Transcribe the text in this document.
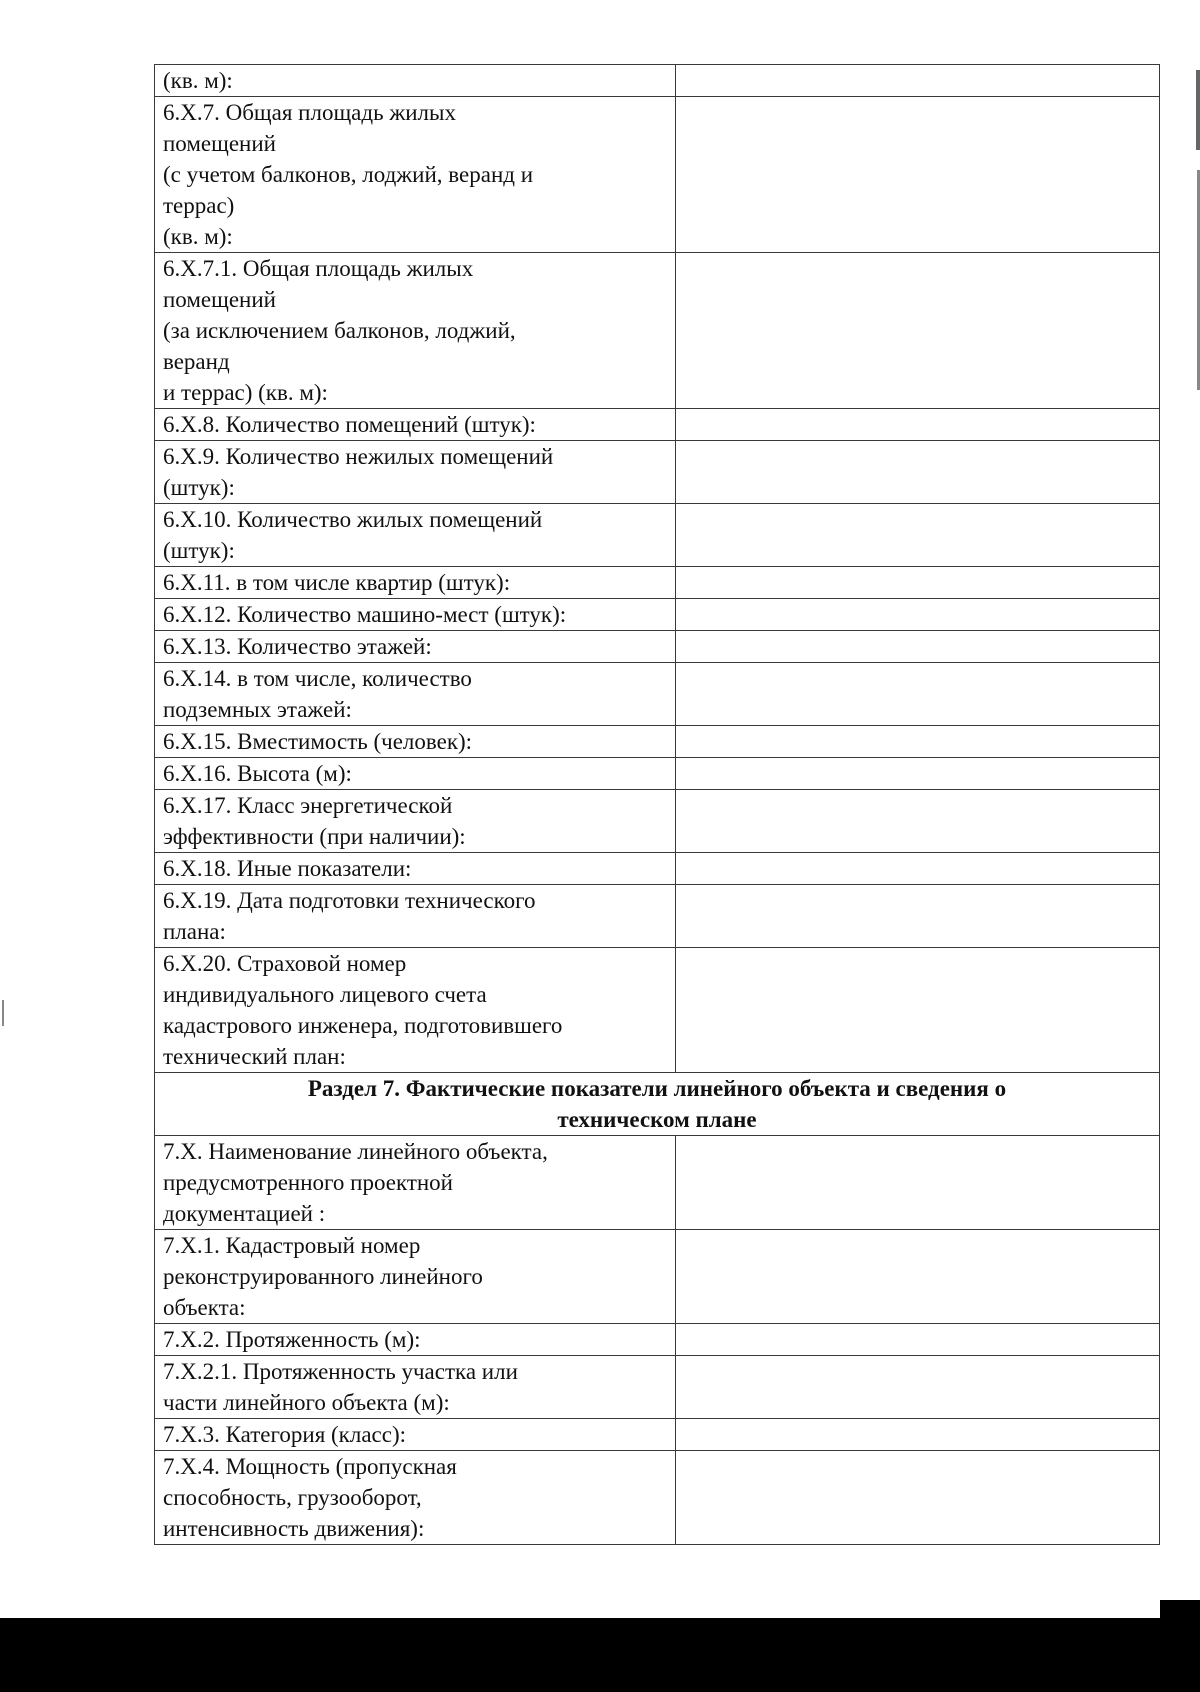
(кв. м):	
6.X.7. Общая площадь жилых
помещений
(с учетом балконов, лоджий, веранд и
террас)
(кв. м):	
6.X.7.1. Общая площадь жилых
помещений
(за исключением балконов, лоджий,
веранд
и террас) (кв. м):	
6.X.8. Количество помещений (штук):	
6.X.9. Количество нежилых помещений
(штук):	
6.X.10. Количество жилых помещений
(штук):	
6.X.11. в том числе квартир (штук):	
6.X.12. Количество машино-мест (штук):	
6.X.13. Количество этажей:	
6.X.14. в том числе, количество
подземных этажей:	
6.X.15. Вместимость (человек):	
6.X.16. Высота (м):	
6.X.17. Класс энергетической
эффективности (при наличии):	
6.X.18. Иные показатели:	
6.X.19. Дата подготовки технического
плана:	
6.X.20. Страховой номер
индивидуального лицевого счета
кадастрового инженера, подготовившего
технический план:	
Раздел 7. Фактические показатели линейного объекта и сведения о
техническом плане	
7.X. Наименование линейного объекта,
предусмотренного проектной
документацией :	
7.X.1. Кадастровый номер
реконструированного линейного
объекта:	
7.X.2. Протяженность (м):	
7.X.2.1. Протяженность участка или
части линейного объекта (м):	
7.X.3. Категория (класс):	
7.X.4. Мощность (пропускная
способность, грузооборот,
интенсивность движения):	
